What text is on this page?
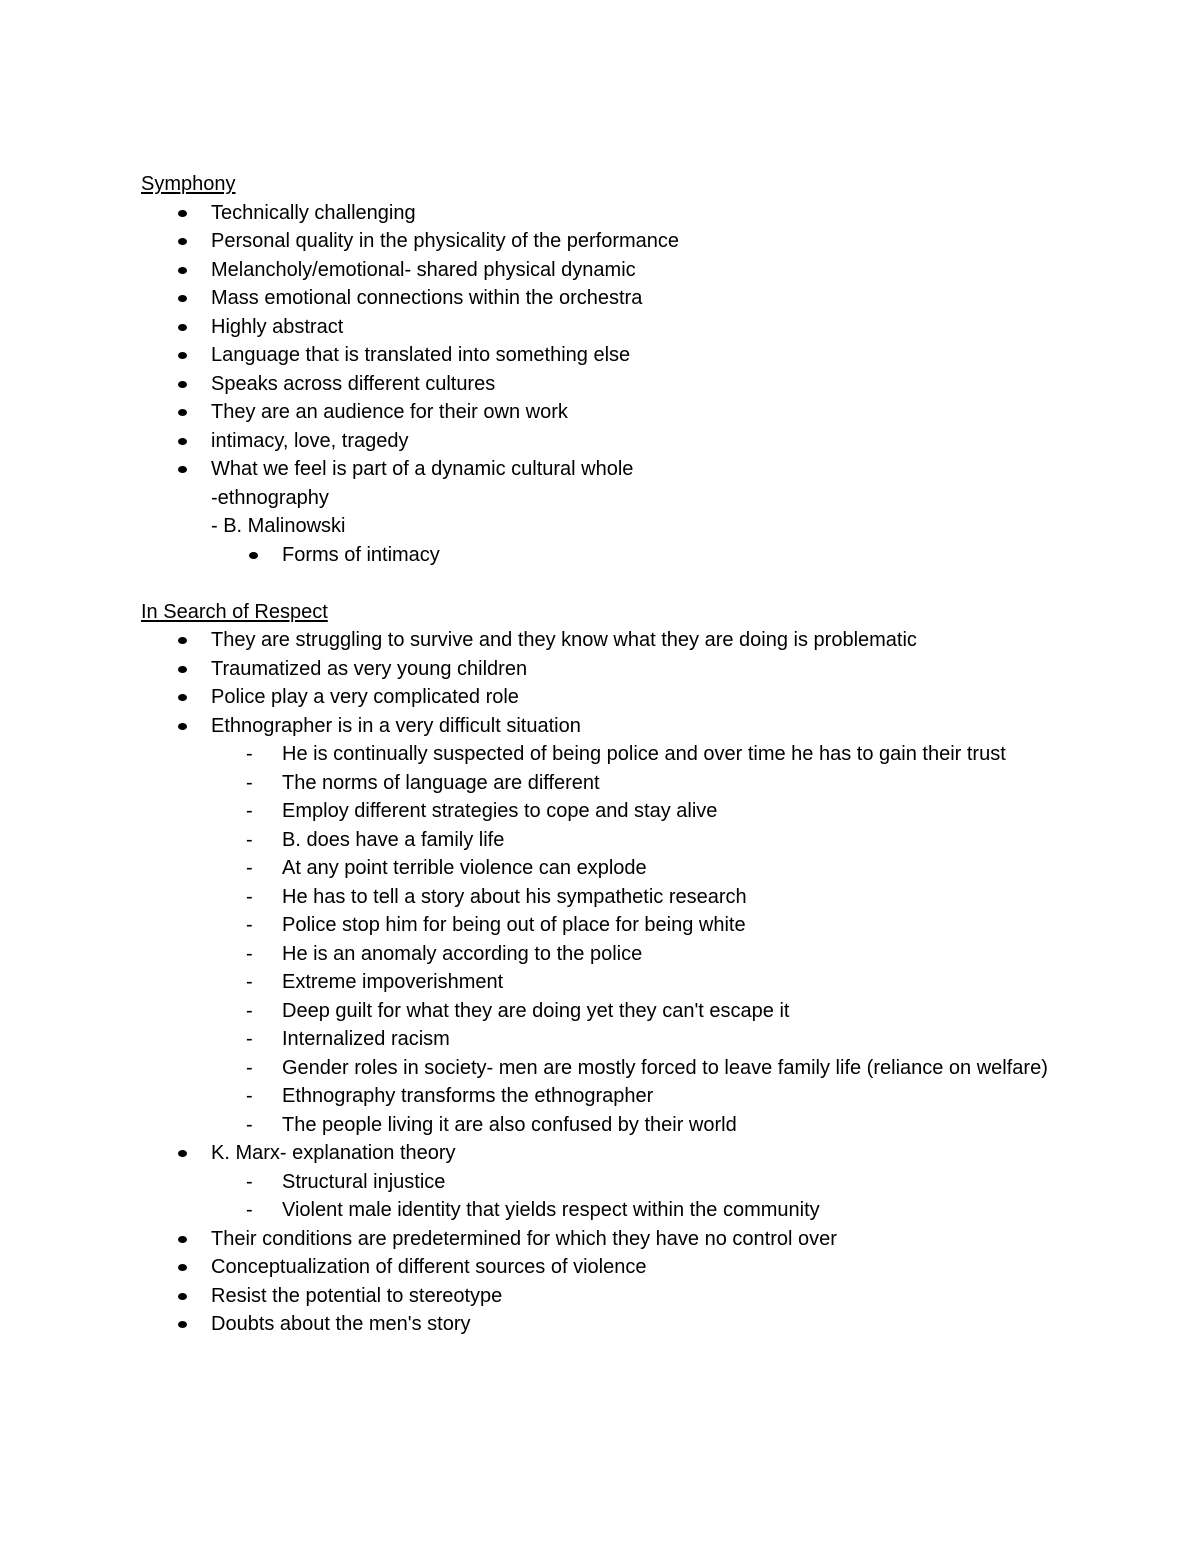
Symphony
Technically challenging
Personal quality in the physicality of the performance
Melancholy/emotional- shared physical dynamic
Mass emotional connections within the orchestra
Highly abstract
Language that is translated into something else
Speaks across different cultures
They are an audience for their own work
intimacy, love, tragedy
What we feel is part of a dynamic cultural whole
-ethnography
- B. Malinowski
Forms of intimacy
In Search of Respect
They are struggling to survive and they know what they are doing is problematic
Traumatized as very young children
Police play a very complicated role
Ethnographer is in a very difficult situation
- He is continually suspected of being police and over time he has to gain their trust
- The norms of language are different
- Employ different strategies to cope and stay alive
- B. does have a family life
- At any point terrible violence can explode
- He has to tell a story about his sympathetic research
- Police stop him for being out of place for being white
- He is an anomaly according to the police
- Extreme impoverishment
- Deep guilt for what they are doing yet they can't escape it
- Internalized racism
- Gender roles in society- men are mostly forced to leave family life (reliance on welfare)
- Ethnography transforms the ethnographer
- The people living it are also confused by their world
K. Marx- explanation theory
- Structural injustice
- Violent male identity that yields respect within the community
Their conditions are predetermined for which they have no control over
Conceptualization of different sources of violence
Resist the potential to stereotype
Doubts about the men's story
